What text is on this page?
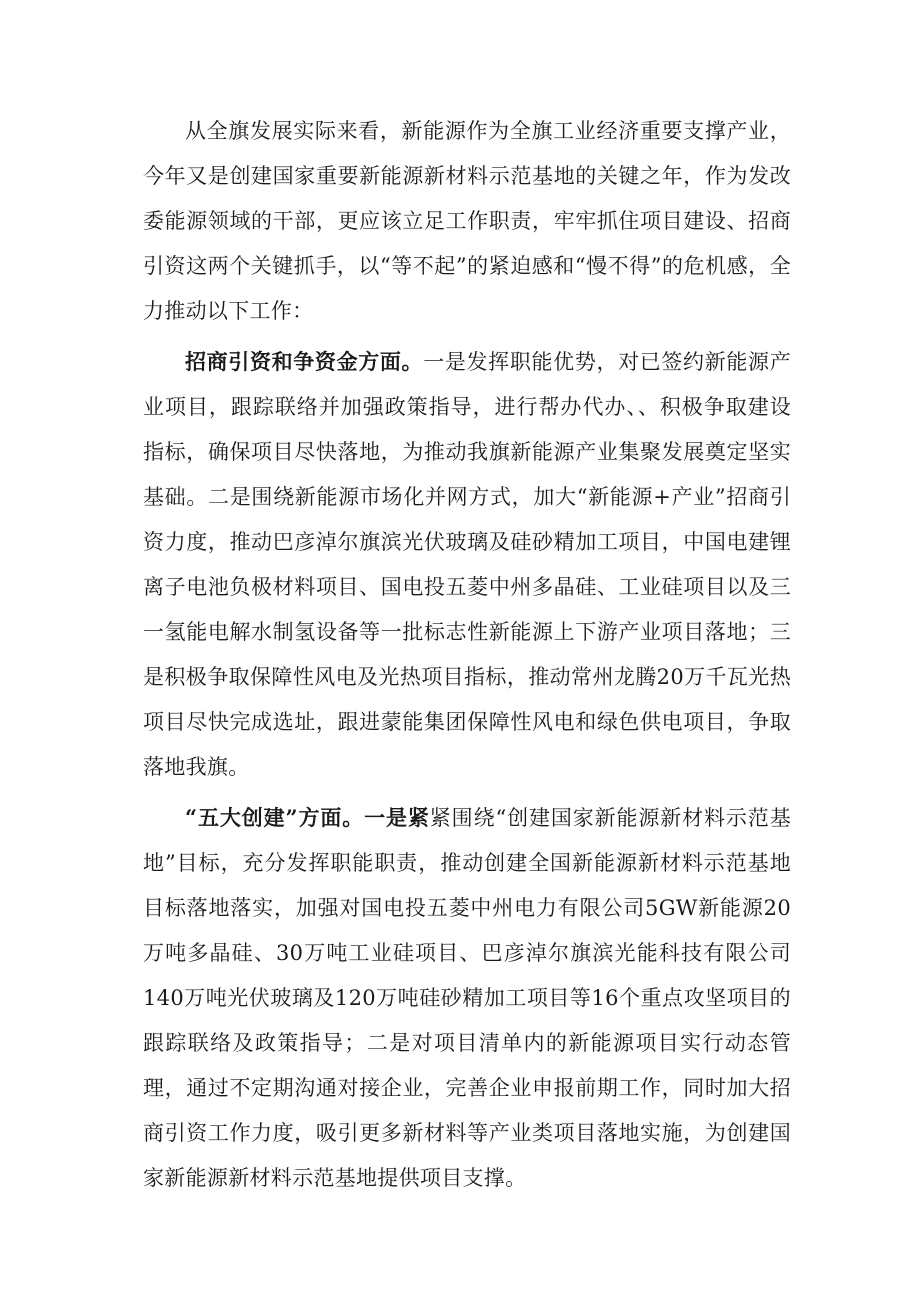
从全旗发展实际来看，新能源作为全旗工业经济重要支撑产业，今年又是创建国家重要新能源新材料示范基地的关键之年，作为发改委能源领域的干部，更应该立足工作职责，牢牢抓住项目建设、招商引资这两个关键抓手，以“等不起”的紧迫感和“慢不得”的危机感，全力推动以下工作：

招商引资和争资金方面。一是发挥职能优势，对已签约新能源产业项目，跟踪联络并加强政策指导，进行帮办代办、、积极争取建设指标，确保项目尽快落地，为推动我旗新能源产业集聚发展奠定坚实基础。二是围绕新能源市场化并网方式，加大“新能源+产业”招商引资力度，推动巴彦淖尔旗滨光伏玻璃及硅砂精加工项目，中国电建锂离子电池负极材料项目、国电投五菱中州多晶硅、工业硅项目以及三一氢能电解水制氢设备等一批标志性新能源上下游产业项目落地；三是积极争取保障性风电及光热项目指标，推动常州龙腾20万千瓦光热项目尽快完成选址，跟进蒙能集团保障性风电和绿色供电项目，争取落地我旗。

“五大创建”方面。一是紧紧围绕“创建国家新能源新材料示范基地”目标，充分发挥职能职责，推动创建全国新能源新材料示范基地目标落地落实，加强对国电投五菱中州电力有限公司5GW新能源20万吨多晶硅、30万吨工业硅项目、巴彦淖尔旗滨光能科技有限公司140万吨光伏玻璃及120万吨硅砂精加工项目等16个重点攻坚项目的跟踪联络及政策指导；二是对项目清单内的新能源项目实行动态管理，通过不定期沟通对接企业，完善企业申报前期工作，同时加大招商引资工作力度，吸引更多新材料等产业类项目落地实施，为创建国家新能源新材料示范基地提供项目支撑。
